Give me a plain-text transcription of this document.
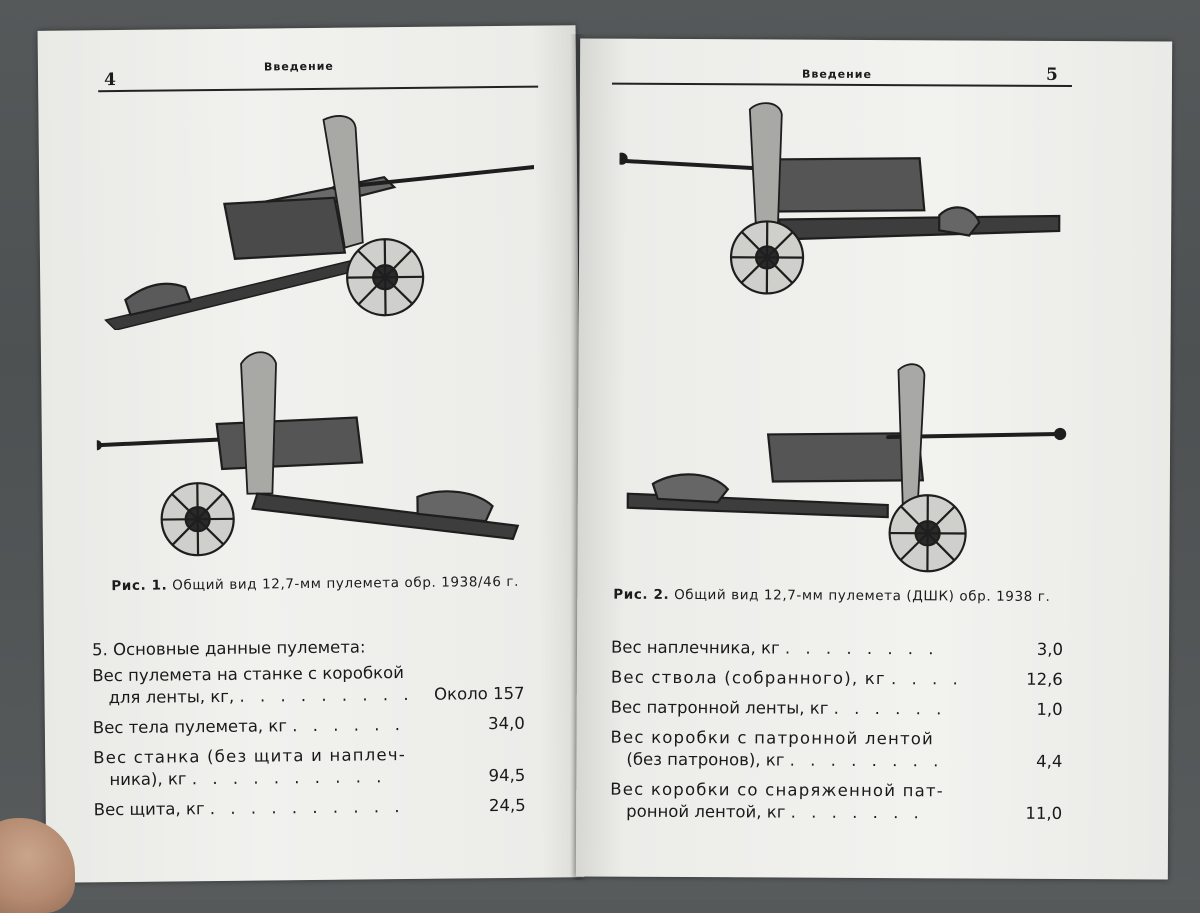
4
Введение
Рис. 1. Общий вид 12,7-мм пулемета обр. 1938/46 г.
5. Основные данные пулемета:
Вес пулемета на станке с коробкой
для ленты, кг, . . . . . . . . .	Около 157
Вес тела пулемета, кг . . . . . .	34,0
Вес станка (без щита и наплеч-
ника), кг . . . . . . . . . .	94,5
Вес щита, кг . . . . . . . . . .	24,5
Введение	5
Рис. 2. Общий вид 12,7-мм пулемета (ДШК) обр. 1938 г.
Вес наплечника, кг . . . . . . . .	3,0
Вес ствола (собранного), кг . . . .	12,6
Вес патронной ленты, кг . . . . . .	1,0
Вес коробки с патронной лентой
(без патронов), кг . . . . . . . .	4,4
Вес коробки со снаряженной пат-
ронной лентой, кг . . . . . . .	11,0
